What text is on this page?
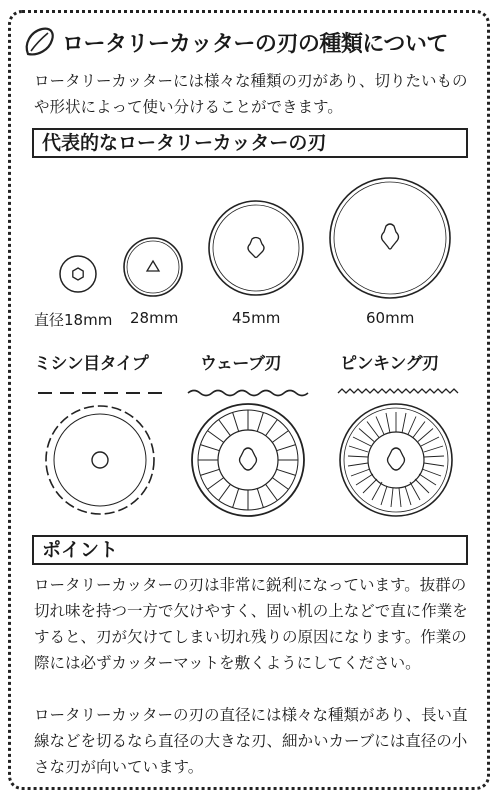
ロータリーカッターの刃の種類について
ロータリーカッターには様々な種類の刃があり、切りたいものや形状によって使い分けることができます。
代表的なロータリーカッターの刃
直径18mm 28mm	45mm	60mm
ミシン目タイプ	ウェーブ刃	ピンキング刃
ポイント
ロータリーカッターの刃は非常に鋭利になっています。抜群の切れ味を持つ一方で欠けやすく、固い机の上などで直に作業をすると、刃が欠けてしまい切れ残りの原因になります。作業の際には必ずカッターマットを敷くようにしてください。
ロータリーカッターの刃の直径には様々な種類があり、長い直線などを切るなら直径の大きな刃、細かいカーブには直径の小さな刃が向いています。
